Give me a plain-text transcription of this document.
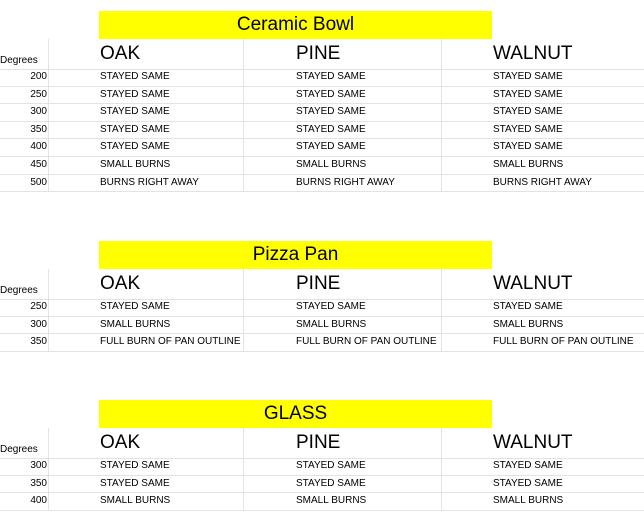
Ceramic Bowl
Degrees	OAK	PINE	WALNUT
200	STAYED SAME	STAYED SAME	STAYED SAME
250	STAYED SAME	STAYED SAME	STAYED SAME
300	STAYED SAME	STAYED SAME	STAYED SAME
350	STAYED SAME	STAYED SAME	STAYED SAME
400	STAYED SAME	STAYED SAME	STAYED SAME
450	SMALL BURNS	SMALL BURNS	SMALL BURNS
500	BURNS RIGHT AWAY	BURNS RIGHT AWAY	BURNS RIGHT AWAY
Pizza Pan
Degrees	OAK	PINE	WALNUT
250	STAYED SAME	STAYED SAME	STAYED SAME
300	SMALL BURNS	SMALL BURNS	SMALL BURNS
350	FULL BURN OF PAN OUTLINE	FULL BURN OF PAN OUTLINE	FULL BURN OF PAN OUTLINE
GLASS
Degrees	OAK	PINE	WALNUT
300	STAYED SAME	STAYED SAME	STAYED SAME
350	STAYED SAME	STAYED SAME	STAYED SAME
400	SMALL BURNS	SMALL BURNS	SMALL BURNS
